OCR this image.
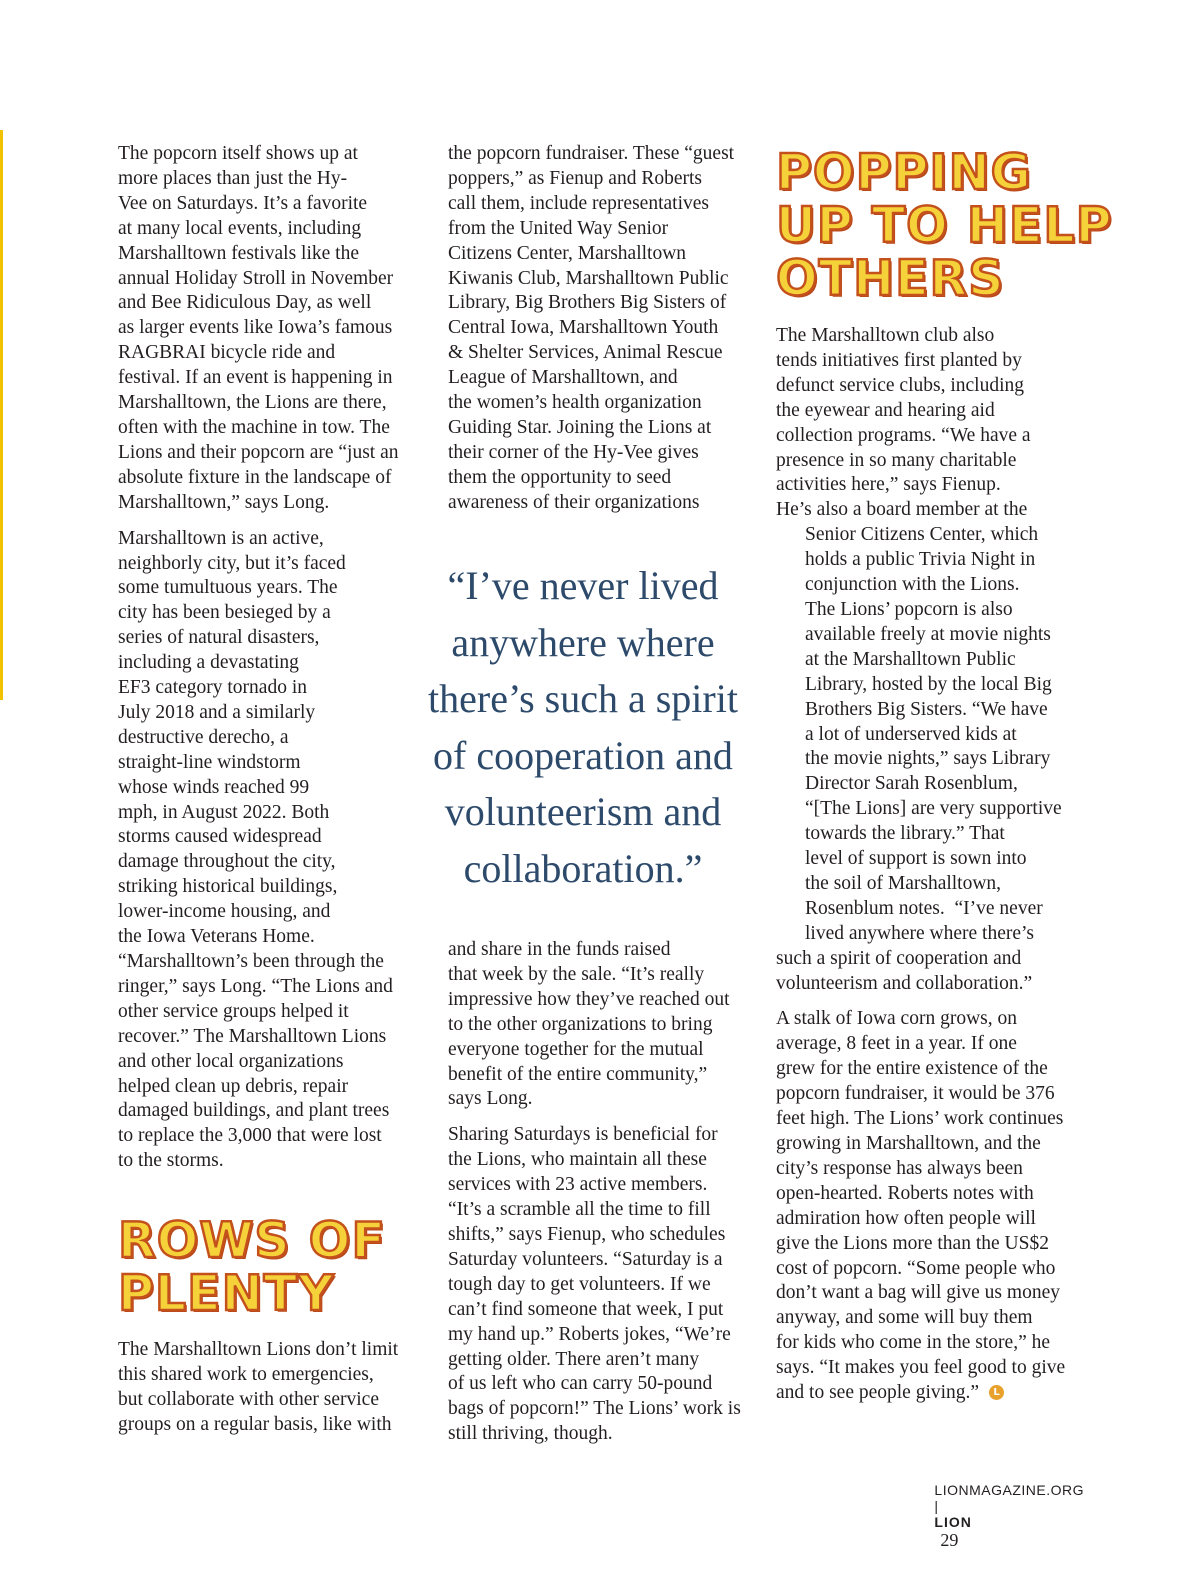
The popcorn itself shows up at
more places than just the Hy-
Vee on Saturdays. It’s a favorite
at many local events, including
Marshalltown festivals like the
annual Holiday Stroll in November
and Bee Ridiculous Day, as well
as larger events like Iowa’s famous
RAGBRAI bicycle ride and
festival. If an event is happening in
Marshalltown, the Lions are there,
often with the machine in tow. The
Lions and their popcorn are “just an
absolute fixture in the landscape of
Marshalltown,” says Long.

Marshalltown is an active,
neighborly city, but it’s faced
some tumultuous years. The
city has been besieged by a
series of natural disasters,
including a devastating
EF3 category tornado in
July 2018 and a similarly
destructive derecho, a
straight-line windstorm
whose winds reached 99
mph, in August 2022. Both
storms caused widespread
damage throughout the city,
striking historical buildings,
lower-income housing, and
the Iowa Veterans Home.
“Marshalltown’s been through the
ringer,” says Long. “The Lions and
other service groups helped it
recover.” The Marshalltown Lions
and other local organizations
helped clean up debris, repair
damaged buildings, and plant trees
to replace the 3,000 that were lost
to the storms.

ROWS OF
PLENTY

The Marshalltown Lions don’t limit
this shared work to emergencies,
but collaborate with other service
groups on a regular basis, like with

the popcorn fundraiser. These “guest
poppers,” as Fienup and Roberts
call them, include representatives
from the United Way Senior
Citizens Center, Marshalltown
Kiwanis Club, Marshalltown Public
Library, Big Brothers Big Sisters of
Central Iowa, Marshalltown Youth
& Shelter Services, Animal Rescue
League of Marshalltown, and
the women’s health organization
Guiding Star. Joining the Lions at
their corner of the Hy-Vee gives
them the opportunity to seed
awareness of their organizations

“I’ve never lived
anywhere where
there’s such a spirit
of cooperation and
volunteerism and
collaboration.”

and share in the funds raised
that week by the sale. “It’s really
impressive how they’ve reached out
to the other organizations to bring
everyone together for the mutual
benefit of the entire community,”
says Long.

Sharing Saturdays is beneficial for
the Lions, who maintain all these
services with 23 active members.
“It’s a scramble all the time to fill
shifts,” says Fienup, who schedules
Saturday volunteers. “Saturday is a
tough day to get volunteers. If we
can’t find someone that week, I put
my hand up.” Roberts jokes, “We’re
getting older. There aren’t many
of us left who can carry 50-pound
bags of popcorn!” The Lions’ work is
still thriving, though.

POPPING
UP TO HELP
OTHERS

The Marshalltown club also
tends initiatives first planted by
defunct service clubs, including
the eyewear and hearing aid
collection programs. “We have a
presence in so many charitable
activities here,” says Fienup.
He’s also a board member at the

Senior Citizens Center, which
holds a public Trivia Night in
conjunction with the Lions.
The Lions’ popcorn is also
available freely at movie nights
at the Marshalltown Public
Library, hosted by the local Big
Brothers Big Sisters. “We have
a lot of underserved kids at
the movie nights,” says Library
Director Sarah Rosenblum,
“[The Lions] are very supportive
towards the library.” That
level of support is sown into
the soil of Marshalltown,
Rosenblum notes.  “I’ve never
lived anywhere where there’s

such a spirit of cooperation and
volunteerism and collaboration.”

A stalk of Iowa corn grows, on
average, 8 feet in a year. If one
grew for the entire existence of the
popcorn fundraiser, it would be 376
feet high. The Lions’ work continues
growing in Marshalltown, and the
city’s response has always been
open-hearted. Roberts notes with
admiration how often people will
give the Lions more than the US$2
cost of popcorn. “Some people who
don’t want a bag will give us money
anyway, and some will buy them
for kids who come in the store,” he
says. “It makes you feel good to give
and to see people giving.” L

LIONMAGAZINE.ORG
|
LION
29
